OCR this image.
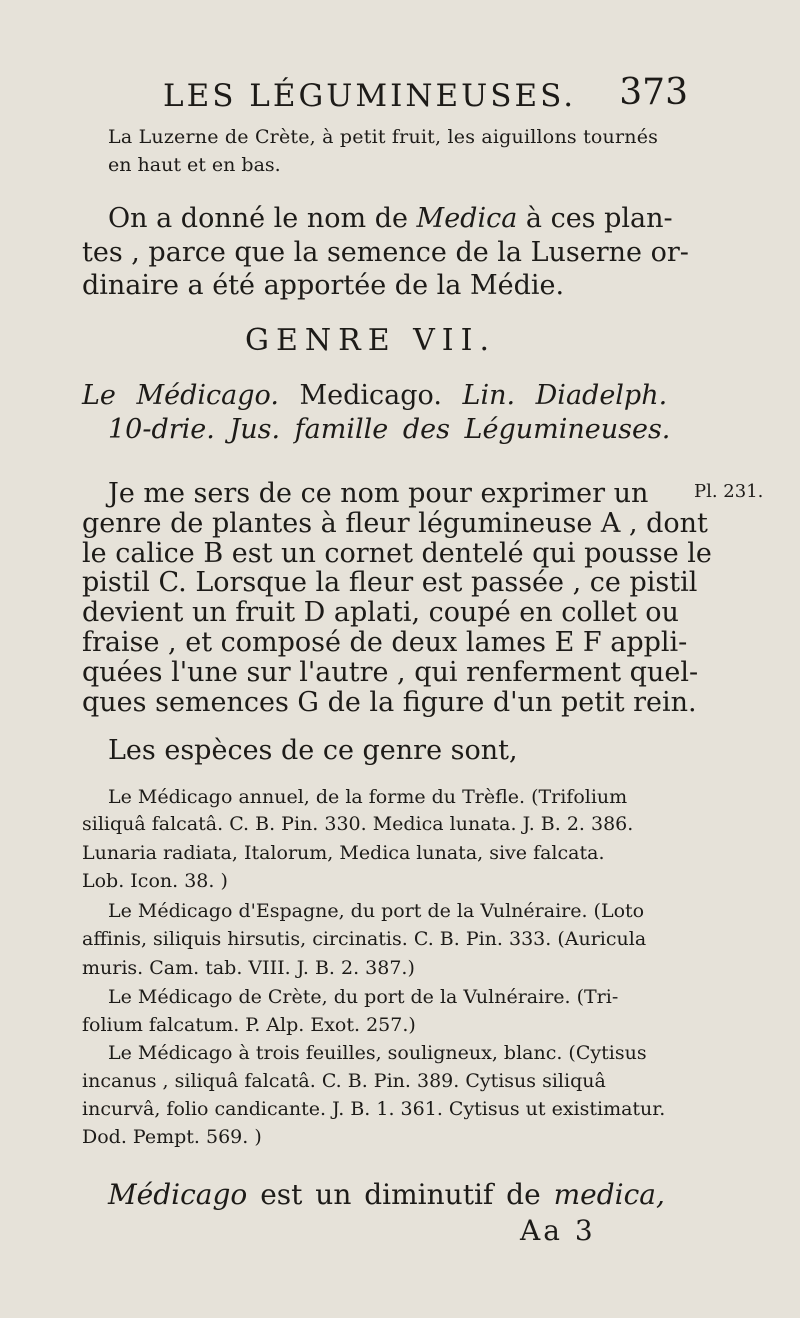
LES LÉGUMINEUSES. 373
La Luzerne de Crète, à petit fruit, les aiguillons tournés
en haut et en bas.
On a donné le nom de Medica à ces plan-
tes , parce que la semence de la Luserne or-
dinaire a été apportée de la Médie.
GENRE VII.
Le Médicago. Medicago. Lin. Diadelph.
10-drie. Jus. famille des Légumineuses.
Pl. 231.
Je me sers de ce nom pour exprimer un
genre de plantes à fleur légumineuse A , dont
le calice B est un cornet dentelé qui pousse le
pistil C. Lorsque la fleur est passée , ce pistil
devient un fruit D aplati, coupé en collet ou
fraise , et composé de deux lames E F appli-
quées l'une sur l'autre , qui renferment quel-
ques semences G de la figure d'un petit rein.
Les espèces de ce genre sont,
Le Médicago annuel, de la forme du Trèfle. (Trifolium
siliquâ falcatâ. C. B. Pin. 330. Medica lunata. J. B. 2. 386.
Lunaria radiata, Italorum, Medica lunata, sive falcata.
Lob. Icon. 38. )
Le Médicago d'Espagne, du port de la Vulnéraire. (Loto
affinis, siliquis hirsutis, circinatis. C. B. Pin. 333. (Auricula
muris. Cam. tab. VIII. J. B. 2. 387.)
Le Médicago de Crète, du port de la Vulnéraire. (Tri-
folium falcatum. P. Alp. Exot. 257.)
Le Médicago à trois feuilles, souligneux, blanc. (Cytisus
incanus , siliquâ falcatâ. C. B. Pin. 389. Cytisus siliquâ
incurvâ, folio candicante. J. B. 1. 361. Cytisus ut existimatur.
Dod. Pempt. 569. )
Médicago est un diminutif de medica,
Aa 3
